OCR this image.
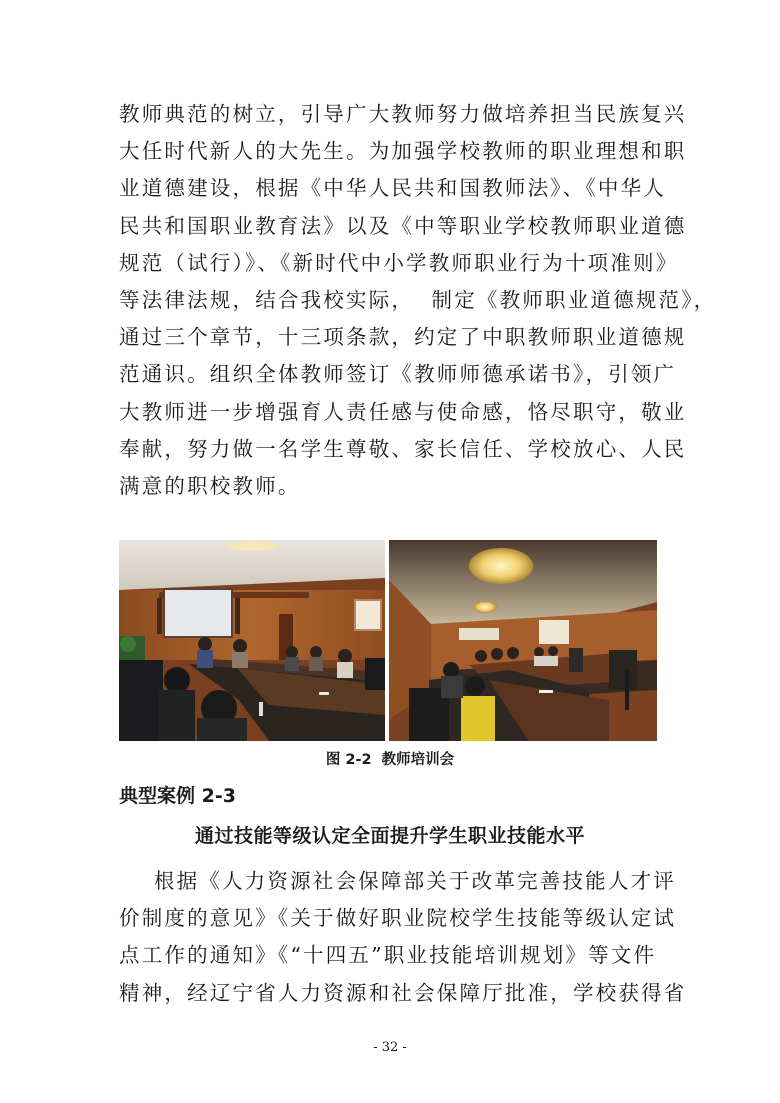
教师典范的树立，引导广大教师努力做培养担当民族复兴
大任时代新人的大先生。为加强学校教师的职业理想和职
业道德建设，根据《中华人民共和国教师法》、《中华人
民共和国职业教育法》以及《中等职业学校教师职业道德
规范（试行）》、《新时代中小学教师职业行为十项准则》
等法律法规，结合我校实际，  制定《教师职业道德规范》，
通过三个章节，十三项条款，约定了中职教师职业道德规
范通识。组织全体教师签订《教师师德承诺书》，引领广
大教师进一步增强育人责任感与使命感，恪尽职守，敬业
奉献，努力做一名学生尊敬、家长信任、学校放心、人民
满意的职校教师。
图 2-2 教师培训会
典型案例 2-3
通过技能等级认定全面提升学生职业技能水平
根据《人力资源社会保障部关于改革完善技能人才评
价制度的意见》《关于做好职业院校学生技能等级认定试
点工作的通知》《“十四五”职业技能培训规划》等文件
精神，经辽宁省人力资源和社会保障厅批准，学校获得省
- 32 -
